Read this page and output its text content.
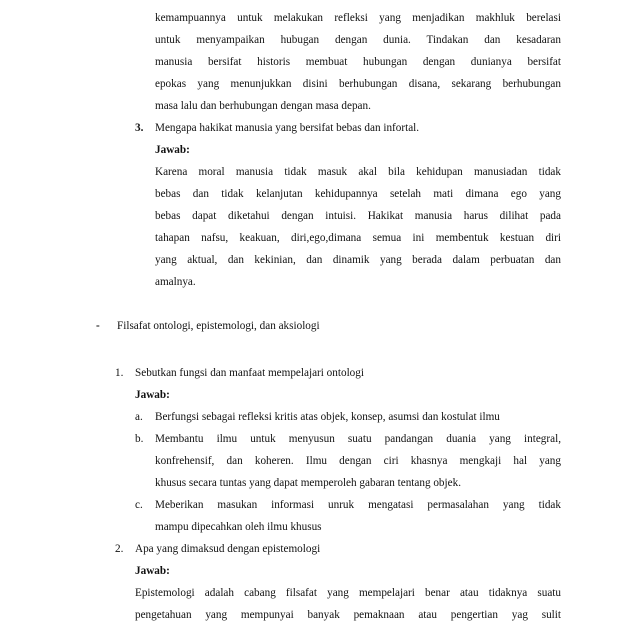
kemampuannya untuk melakukan refleksi yang menjadikan makhluk berelasi
untuk menyampaikan hubugan dengan dunia. Tindakan dan kesadaran
manusia bersifat historis membuat hubungan dengan dunianya bersifat
epokas yang menunjukkan disini berhubungan disana, sekarang berhubungan
masa lalu dan berhubungan dengan masa depan.
3. Mengapa hakikat manusia yang bersifat bebas dan infortal.
Jawab:
Karena moral manusia tidak masuk akal bila kehidupan manusiadan tidak
bebas dan tidak kelanjutan kehidupannya setelah mati dimana ego yang
bebas dapat diketahui dengan intuisi. Hakikat manusia harus dilihat pada
tahapan nafsu, keakuan, diri,ego,dimana semua ini membentuk kestuan diri
yang aktual, dan kekinian, dan dinamik yang berada dalam perbuatan dan
amalnya.
- Filsafat ontologi, epistemologi, dan aksiologi
1. Sebutkan fungsi dan manfaat mempelajari ontologi
Jawab:
a. Berfungsi sebagai refleksi kritis atas objek, konsep, asumsi dan kostulat ilmu
b. Membantu ilmu untuk menyusun suatu pandangan duania yang integral,
konfrehensif, dan koheren. Ilmu dengan ciri khasnya mengkaji hal yang
khusus secara tuntas yang dapat memperoleh gabaran tentang objek.
c. Meberikan masukan informasi unruk mengatasi permasalahan yang tidak
mampu dipecahkan oleh ilmu khusus
2. Apa yang dimaksud dengan epistemologi
Jawab:
Epistemologi adalah cabang filsafat yang mempelajari benar atau tidaknya suatu
pengetahuan yang mempunyai banyak pemaknaan atau pengertian yag sulit
